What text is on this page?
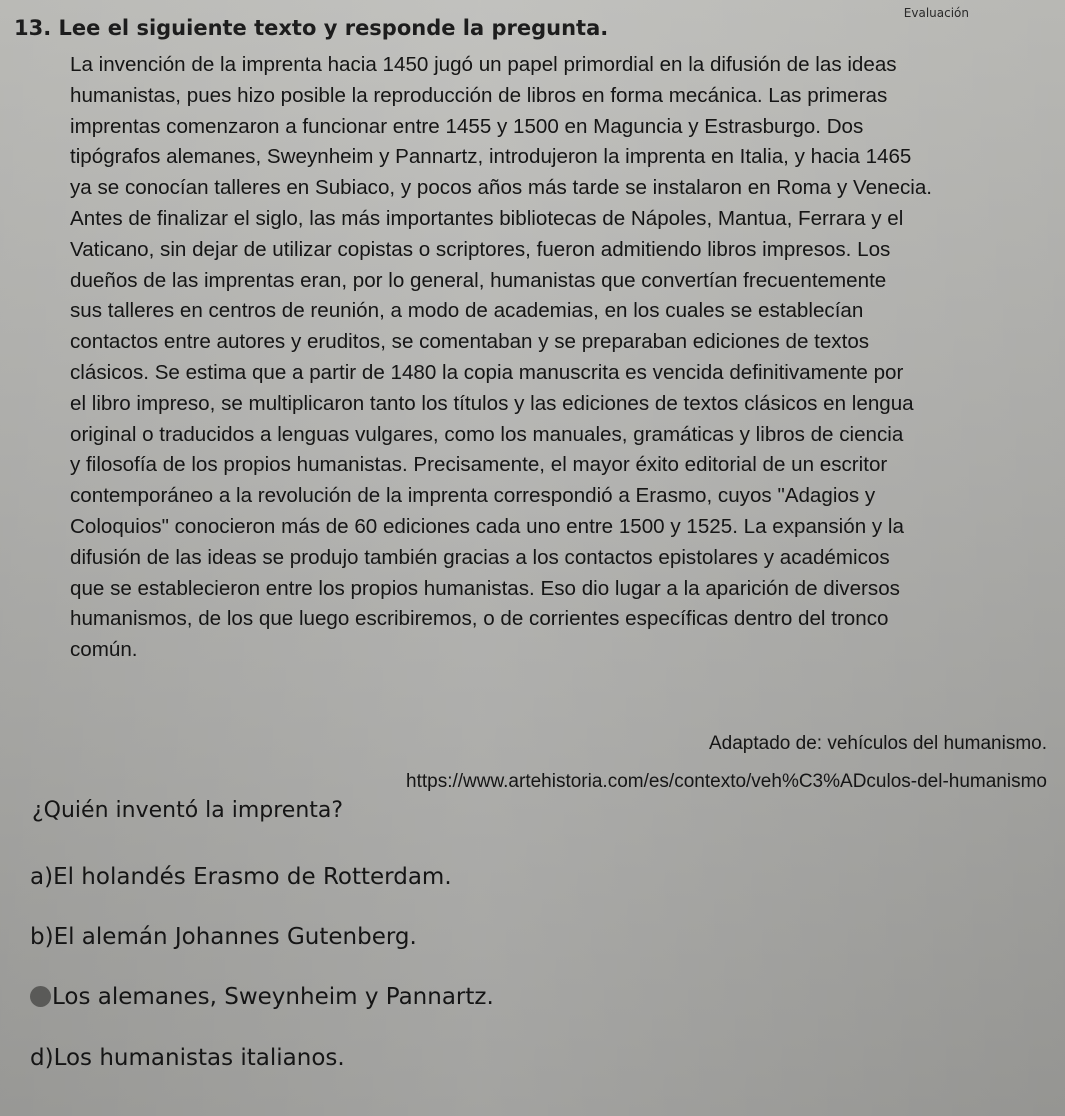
Evaluación
13. Lee el siguiente texto y responde la pregunta.
La invención de la imprenta hacia 1450 jugó un papel primordial en la difusión de las ideas
humanistas, pues hizo posible la reproducción de libros en forma mecánica. Las primeras
imprentas comenzaron a funcionar entre 1455 y 1500 en Maguncia y Estrasburgo. Dos
tipógrafos alemanes, Sweynheim y Pannartz, introdujeron la imprenta en Italia, y hacia 1465
ya se conocían talleres en Subiaco, y pocos años más tarde se instalaron en Roma y Venecia.
Antes de finalizar el siglo, las más importantes bibliotecas de Nápoles, Mantua, Ferrara y el
Vaticano, sin dejar de utilizar copistas o scriptores, fueron admitiendo libros impresos. Los
dueños de las imprentas eran, por lo general, humanistas que convertían frecuentemente
sus talleres en centros de reunión, a modo de academias, en los cuales se establecían
contactos entre autores y eruditos, se comentaban y se preparaban ediciones de textos
clásicos. Se estima que a partir de 1480 la copia manuscrita es vencida definitivamente por
el libro impreso, se multiplicaron tanto los títulos y las ediciones de textos clásicos en lengua
original o traducidos a lenguas vulgares, como los manuales, gramáticas y libros de ciencia
y filosofía de los propios humanistas. Precisamente, el mayor éxito editorial de un escritor
contemporáneo a la revolución de la imprenta correspondió a Erasmo, cuyos "Adagios y
Coloquios" conocieron más de 60 ediciones cada uno entre 1500 y 1525. La expansión y la
difusión de las ideas se produjo también gracias a los contactos epistolares y académicos
que se establecieron entre los propios humanistas. Eso dio lugar a la aparición de diversos
humanismos, de los que luego escribiremos, o de corrientes específicas dentro del tronco
común.
Adaptado de: vehículos del humanismo.
https://www.artehistoria.com/es/contexto/veh%C3%ADculos-del-humanismo
¿Quién inventó la imprenta?
a)El holandés Erasmo de Rotterdam.
b)El alemán Johannes Gutenberg.
Los alemanes, Sweynheim y Pannartz.
d)Los humanistas italianos.
